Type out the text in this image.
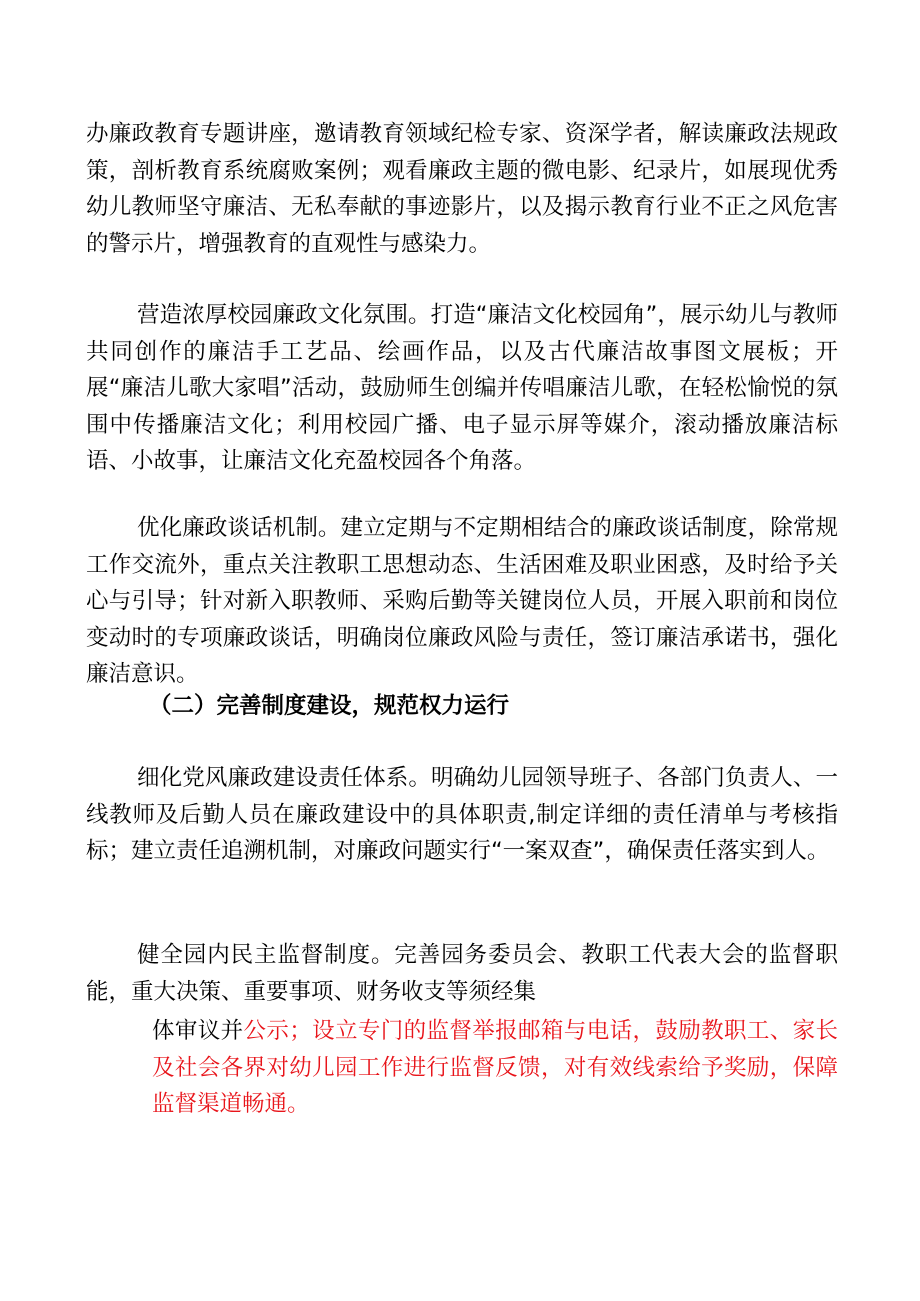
办廉政教育专题讲座，邀请教育领域纪检专家、资深学者，解读廉政法规政策，剖析教育系统腐败案例；观看廉政主题的微电影、纪录片，如展现优秀幼儿教师坚守廉洁、无私奉献的事迹影片，以及揭示教育行业不正之风危害的警示片，增强教育的直观性与感染力。

营造浓厚校园廉政文化氛围。打造“廉洁文化校园角”，展示幼儿与教师共同创作的廉洁手工艺品、绘画作品，以及古代廉洁故事图文展板；开展“廉洁儿歌大家唱”活动，鼓励师生创编并传唱廉洁儿歌，在轻松愉悦的氛围中传播廉洁文化；利用校园广播、电子显示屏等媒介，滚动播放廉洁标语、小故事，让廉洁文化充盈校园各个角落。

优化廉政谈话机制。建立定期与不定期相结合的廉政谈话制度，除常规工作交流外，重点关注教职工思想动态、生活困难及职业困惑，及时给予关心与引导；针对新入职教师、采购后勤等关键岗位人员，开展入职前和岗位变动时的专项廉政谈话，明确岗位廉政风险与责任，签订廉洁承诺书，强化廉洁意识。

（二）完善制度建设，规范权力运行

细化党风廉政建设责任体系。明确幼儿园领导班子、各部门负责人、一线教师及后勤人员在廉政建设中的具体职责,制定详细的责任清单与考核指标；建立责任追溯机制，对廉政问题实行“一案双查”，确保责任落实到人。

健全园内民主监督制度。完善园务委员会、教职工代表大会的监督职能，重大决策、重要事项、财务收支等须经集

体审议并公示；设立专门的监督举报邮箱与电话，鼓励教职工、家长及社会各界对幼儿园工作进行监督反馈，对有效线索给予奖励，保障监督渠道畅通。
